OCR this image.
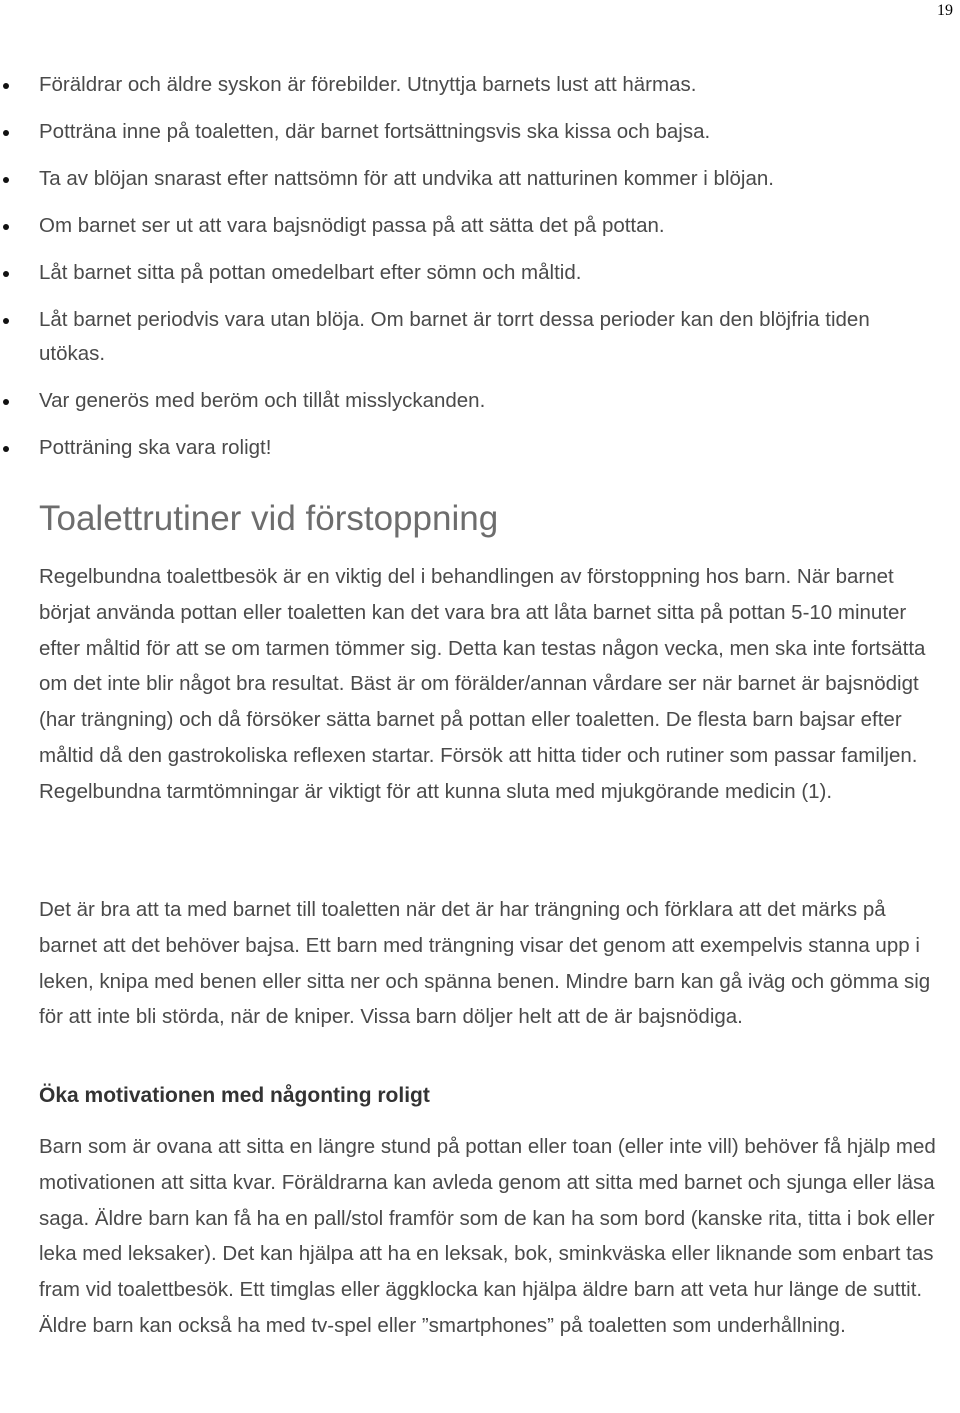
19
Föräldrar och äldre syskon är förebilder. Utnyttja barnets lust att härmas.
Potträna inne på toaletten, där barnet fortsättningsvis ska kissa och bajsa.
Ta av blöjan snarast efter nattsömn för att undvika att natturinen kommer i blöjan.
Om barnet ser ut att vara bajsnödigt passa på att sätta det på pottan.
Låt barnet sitta på pottan omedelbart efter sömn och måltid.
Låt barnet periodvis vara utan blöja. Om barnet är torrt dessa perioder kan den blöjfria tiden utökas.
Var generös med beröm och tillåt misslyckanden.
Potträning ska vara roligt!
Toalettrutiner vid förstoppning

Regelbundna toalettbesök är en viktig del i behandlingen av förstoppning hos barn. När barnet börjat använda pottan eller toaletten kan det vara bra att låta barnet sitta på pottan 5-10 minuter efter måltid för att se om tarmen tömmer sig. Detta kan testas någon vecka, men ska inte fortsätta om det inte blir något bra resultat. Bäst är om förälder/annan vårdare ser när barnet är bajsnödigt (har trängning) och då försöker sätta barnet på pottan eller toaletten. De flesta barn bajsar efter måltid då den gastrokoliska reflexen startar. Försök att hitta tider och rutiner som passar familjen. Regelbundna tarmtömningar är viktigt för att kunna sluta med mjukgörande medicin (1).

Det är bra att ta med barnet till toaletten när det är har trängning och förklara att det märks på barnet att det behöver bajsa. Ett barn med trängning visar det genom att exempelvis stanna upp i leken, knipa med benen eller sitta ner och spänna benen. Mindre barn kan gå iväg och gömma sig för att inte bli störda, när de kniper. Vissa barn döljer helt att de är bajsnödiga.

Öka motivationen med någonting roligt

Barn som är ovana att sitta en längre stund på pottan eller toan (eller inte vill) behöver få hjälp med motivationen att sitta kvar. Föräldrarna kan avleda genom att sitta med barnet och sjunga eller läsa saga. Äldre barn kan få ha en pall/stol framför som de kan ha som bord (kanske rita, titta i bok eller leka med leksaker). Det kan hjälpa att ha en leksak, bok, sminkväska eller liknande som enbart tas fram vid toalettbesök. Ett timglas eller äggklocka kan hjälpa äldre barn att veta hur länge de suttit. Äldre barn kan också ha med tv-spel eller ”smartphones” på toaletten som underhållning.
